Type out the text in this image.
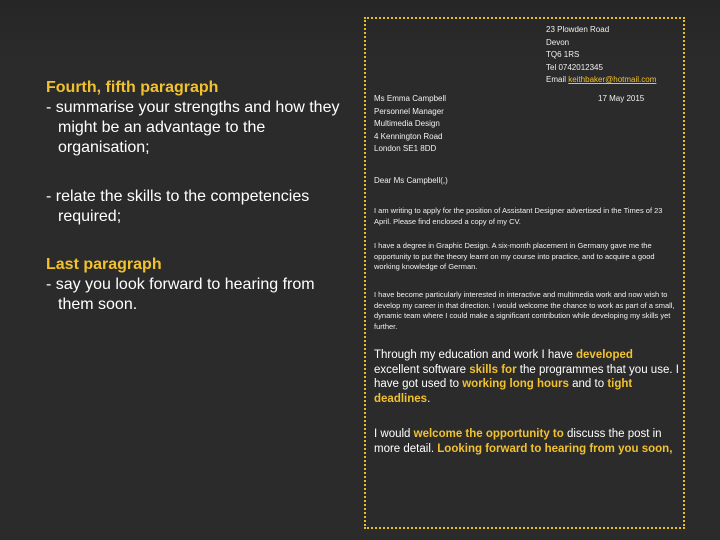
Fourth, fifth paragraph
- summarise your strengths and how they might be an advantage to the organisation;
- relate the skills to the competencies required;
Last paragraph
- say you look forward to hearing from them soon.
23 Plowden Road
Devon
TQ6 1RS
Tel 0742012345
Email keithbaker@hotmail.com
Ms Emma Campbell
Personnel Manager
Multimedia Design
4 Kennington Road
London SE1 8DD
17 May 2015
Dear Ms Campbell(,)
I am writing to apply for the position of Assistant Designer advertised in the Times of 23 April. Please find enclosed a copy of my CV.
I have a degree in Graphic Design. A six-month placement in Germany gave me the opportunity to put the theory learnt on my course into practice, and to acquire a good working knowledge of German.
I have become particularly interested in interactive and multimedia work and now wish to develop my career in that direction. I would welcome the chance to work as part of a small, dynamic team where I could make a significant contribution while developing my skills yet further.
Through my education and work I have developed excellent software skills for the programmes that you use. I have got used to working long hours and to tight deadlines.
I would welcome the opportunity to discuss the post in more detail. Looking forward to hearing from you soon,
